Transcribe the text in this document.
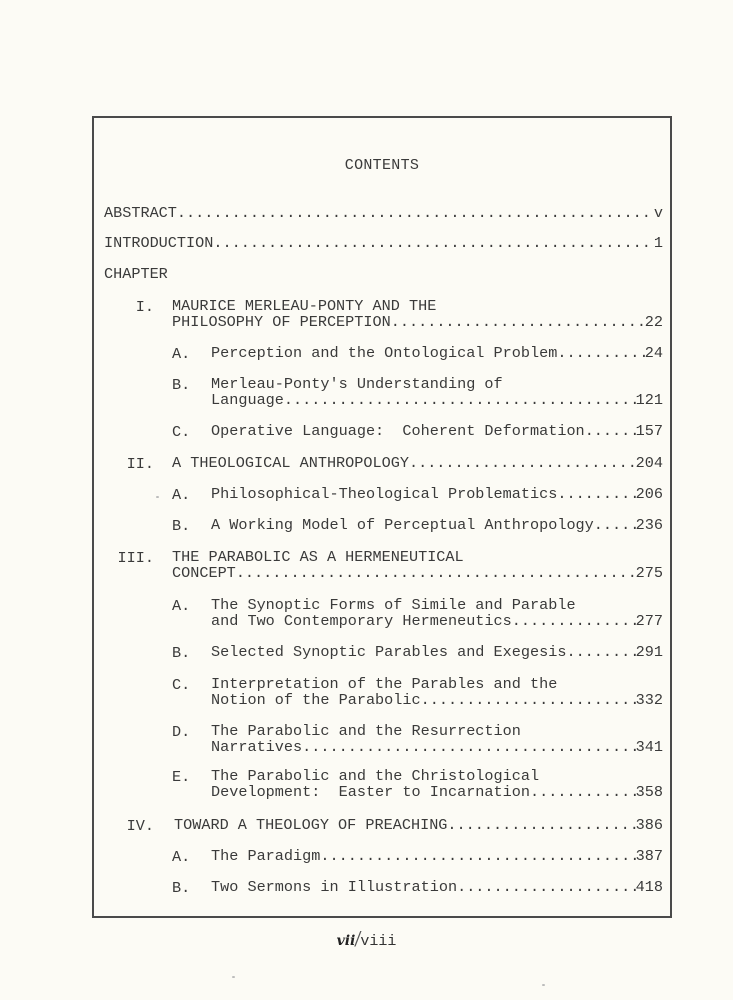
CONTENTS
ABSTRACT .....	v
INTRODUCTION .....	1
CHAPTER
I. MAURICE MERLEAU-PONTY AND THE
PHILOSOPHY OF PERCEPTION .....	22
A. Perception and the Ontological Problem .....	24
B. Merleau-Ponty's Understanding of
Language .....	121
C. Operative Language:  Coherent Deformation .....	157
II. A THEOLOGICAL ANTHROPOLOGY .....	204
A. Philosophical-Theological Problematics .....	206
B. A Working Model of Perceptual Anthropology .....	236
III. THE PARABOLIC AS A HERMENEUTICAL
CONCEPT .....	275
A. The Synoptic Forms of Simile and Parable
and Two Contemporary Hermeneutics .....	277
B. Selected Synoptic Parables and Exegesis .....	291
C. Interpretation of the Parables and the
Notion of the Parabolic .....	332
D. The Parabolic and the Resurrection
Narratives .....	341
E. The Parabolic and the Christological
Development:  Easter to Incarnation .....	358
IV. TOWARD A THEOLOGY OF PREACHING .....	386
A. The Paradigm .....	387
B. Two Sermons in Illustration .....	418
vii/viii
